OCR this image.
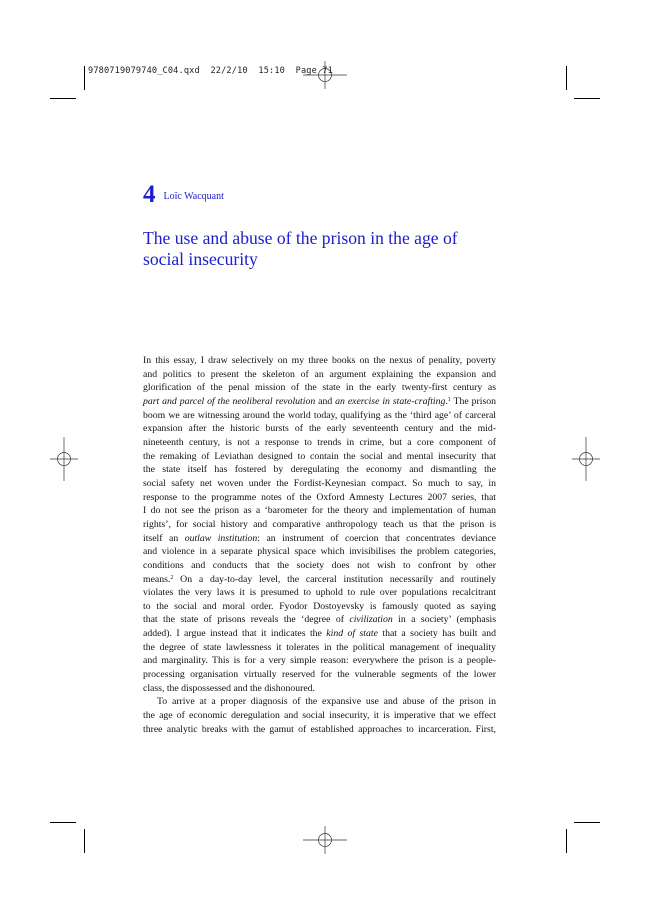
9780719079740_C04.qxd  22/2/10  15:10  Page 71
4 Loïc Wacquant
The use and abuse of the prison in the age of
social insecurity
In this essay, I draw selectively on my three books on the nexus of penality, poverty
and politics to present the skeleton of an argument explaining the expansion and
glorification of the penal mission of the state in the early twenty-first century as
part and parcel of the neoliberal revolution and an exercise in state-crafting.$^1$ The prison
boom we are witnessing around the world today, qualifying as the ‘third age’ of carceral
expansion after the historic bursts of the early seventeenth century and the mid-
nineteenth century, is not a response to trends in crime, but a core component of
the remaking of Leviathan designed to contain the social and mental insecurity that
the state itself has fostered by deregulating the economy and dismantling the
social safety net woven under the Fordist-Keynesian compact. So much to say, in
response to the programme notes of the Oxford Amnesty Lectures 2007 series, that
I do not see the prison as a ‘barometer for the theory and implementation of human
rights’, for social history and comparative anthropology teach us that the prison is
itself an outlaw institution: an instrument of coercion that concentrates deviance
and violence in a separate physical space which invisibilises the problem categories,
conditions and conducts that the society does not wish to confront by other
means.$^2$ On a day-to-day level, the carceral institution necessarily and routinely
violates the very laws it is presumed to uphold to rule over populations recalcitrant
to the social and moral order. Fyodor Dostoyevsky is famously quoted as saying
that the state of prisons reveals the ‘degree of civilization in a society’ (emphasis
added). I argue instead that it indicates the kind of state that a society has built and
the degree of state lawlessness it tolerates in the political management of inequality
and marginality. This is for a very simple reason: everywhere the prison is a people-
processing organisation virtually reserved for the vulnerable segments of the lower
class, the dispossessed and the dishonoured.
To arrive at a proper diagnosis of the expansive use and abuse of the prison in
the age of economic deregulation and social insecurity, it is imperative that we effect
three analytic breaks with the gamut of established approaches to incarceration. First,
